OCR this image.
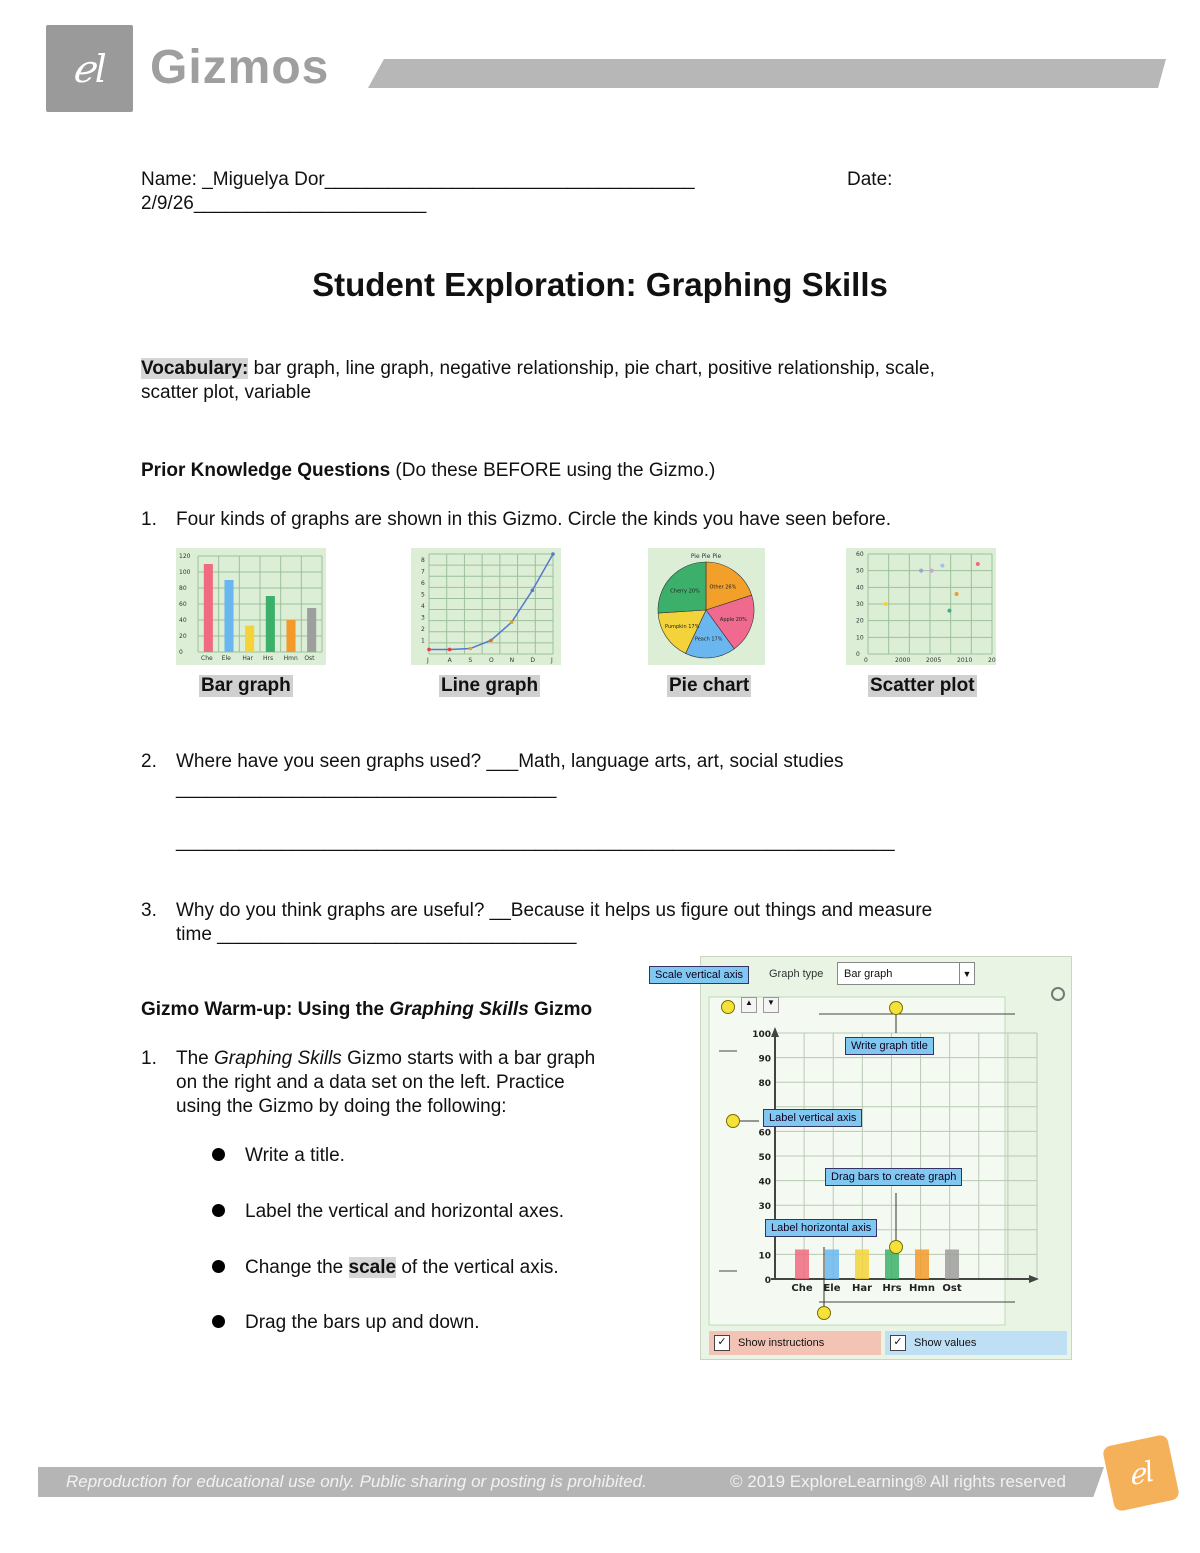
ℯl Gizmos
Name: _Miguelya Dor___________________________________	Date:
2/9/26______________________
Student Exploration: Graphing Skills
Vocabulary: bar graph, line graph, negative relationship, pie chart, positive relationship, scale,
scatter plot, variable
Prior Knowledge Questions (Do these BEFORE using the Gizmo.)
1. Four kinds of graphs are shown in this Gizmo. Circle the kinds you have seen before.
120
100
80
60
40
20
0
Che Ele Har Hrs Hmn Ost
Bar graph
8
7
6
5
4
3
2
1
J	A	S	O	N	D	J
Line graph
Pie Pie Pie
Other 26%
Apple 20%
Peach 17%
Pumpkin 17%
Cherry 20%
Pie chart
60
50
40
30
20
10
0
0	2000	2005	2010	20
Scatter plot
2. Where have you seen graphs used? ___Math, language arts, art, social studies
____________________________________
____________________________________________________________________
3. Why do you think graphs are useful? __Because it helps us figure out things and measure
time __________________________________
Gizmo Warm-up: Using the Graphing Skills Gizmo
1. The Graphing Skills Gizmo starts with a bar graph
on the right and a data set on the left. Practice
using the Gizmo by doing the following:
Write a title.
Label the vertical and horizontal axes.
Change the scale of the vertical axis.
Drag the bars up and down.
100
90
80
60
50
40
30
10
0
Che Ele Har Hrs Hmn Ost
Scale vertical axis	Graph type	Bar graph	▼
▲	▼
Write graph title
Label vertical axis
Drag bars to create graph
Label horizontal axis
✓ Show instructions	✓ Show values
Reproduction for educational use only. Public sharing or posting is prohibited.	© 2019 ExploreLearning® All rights reserved ℯl
